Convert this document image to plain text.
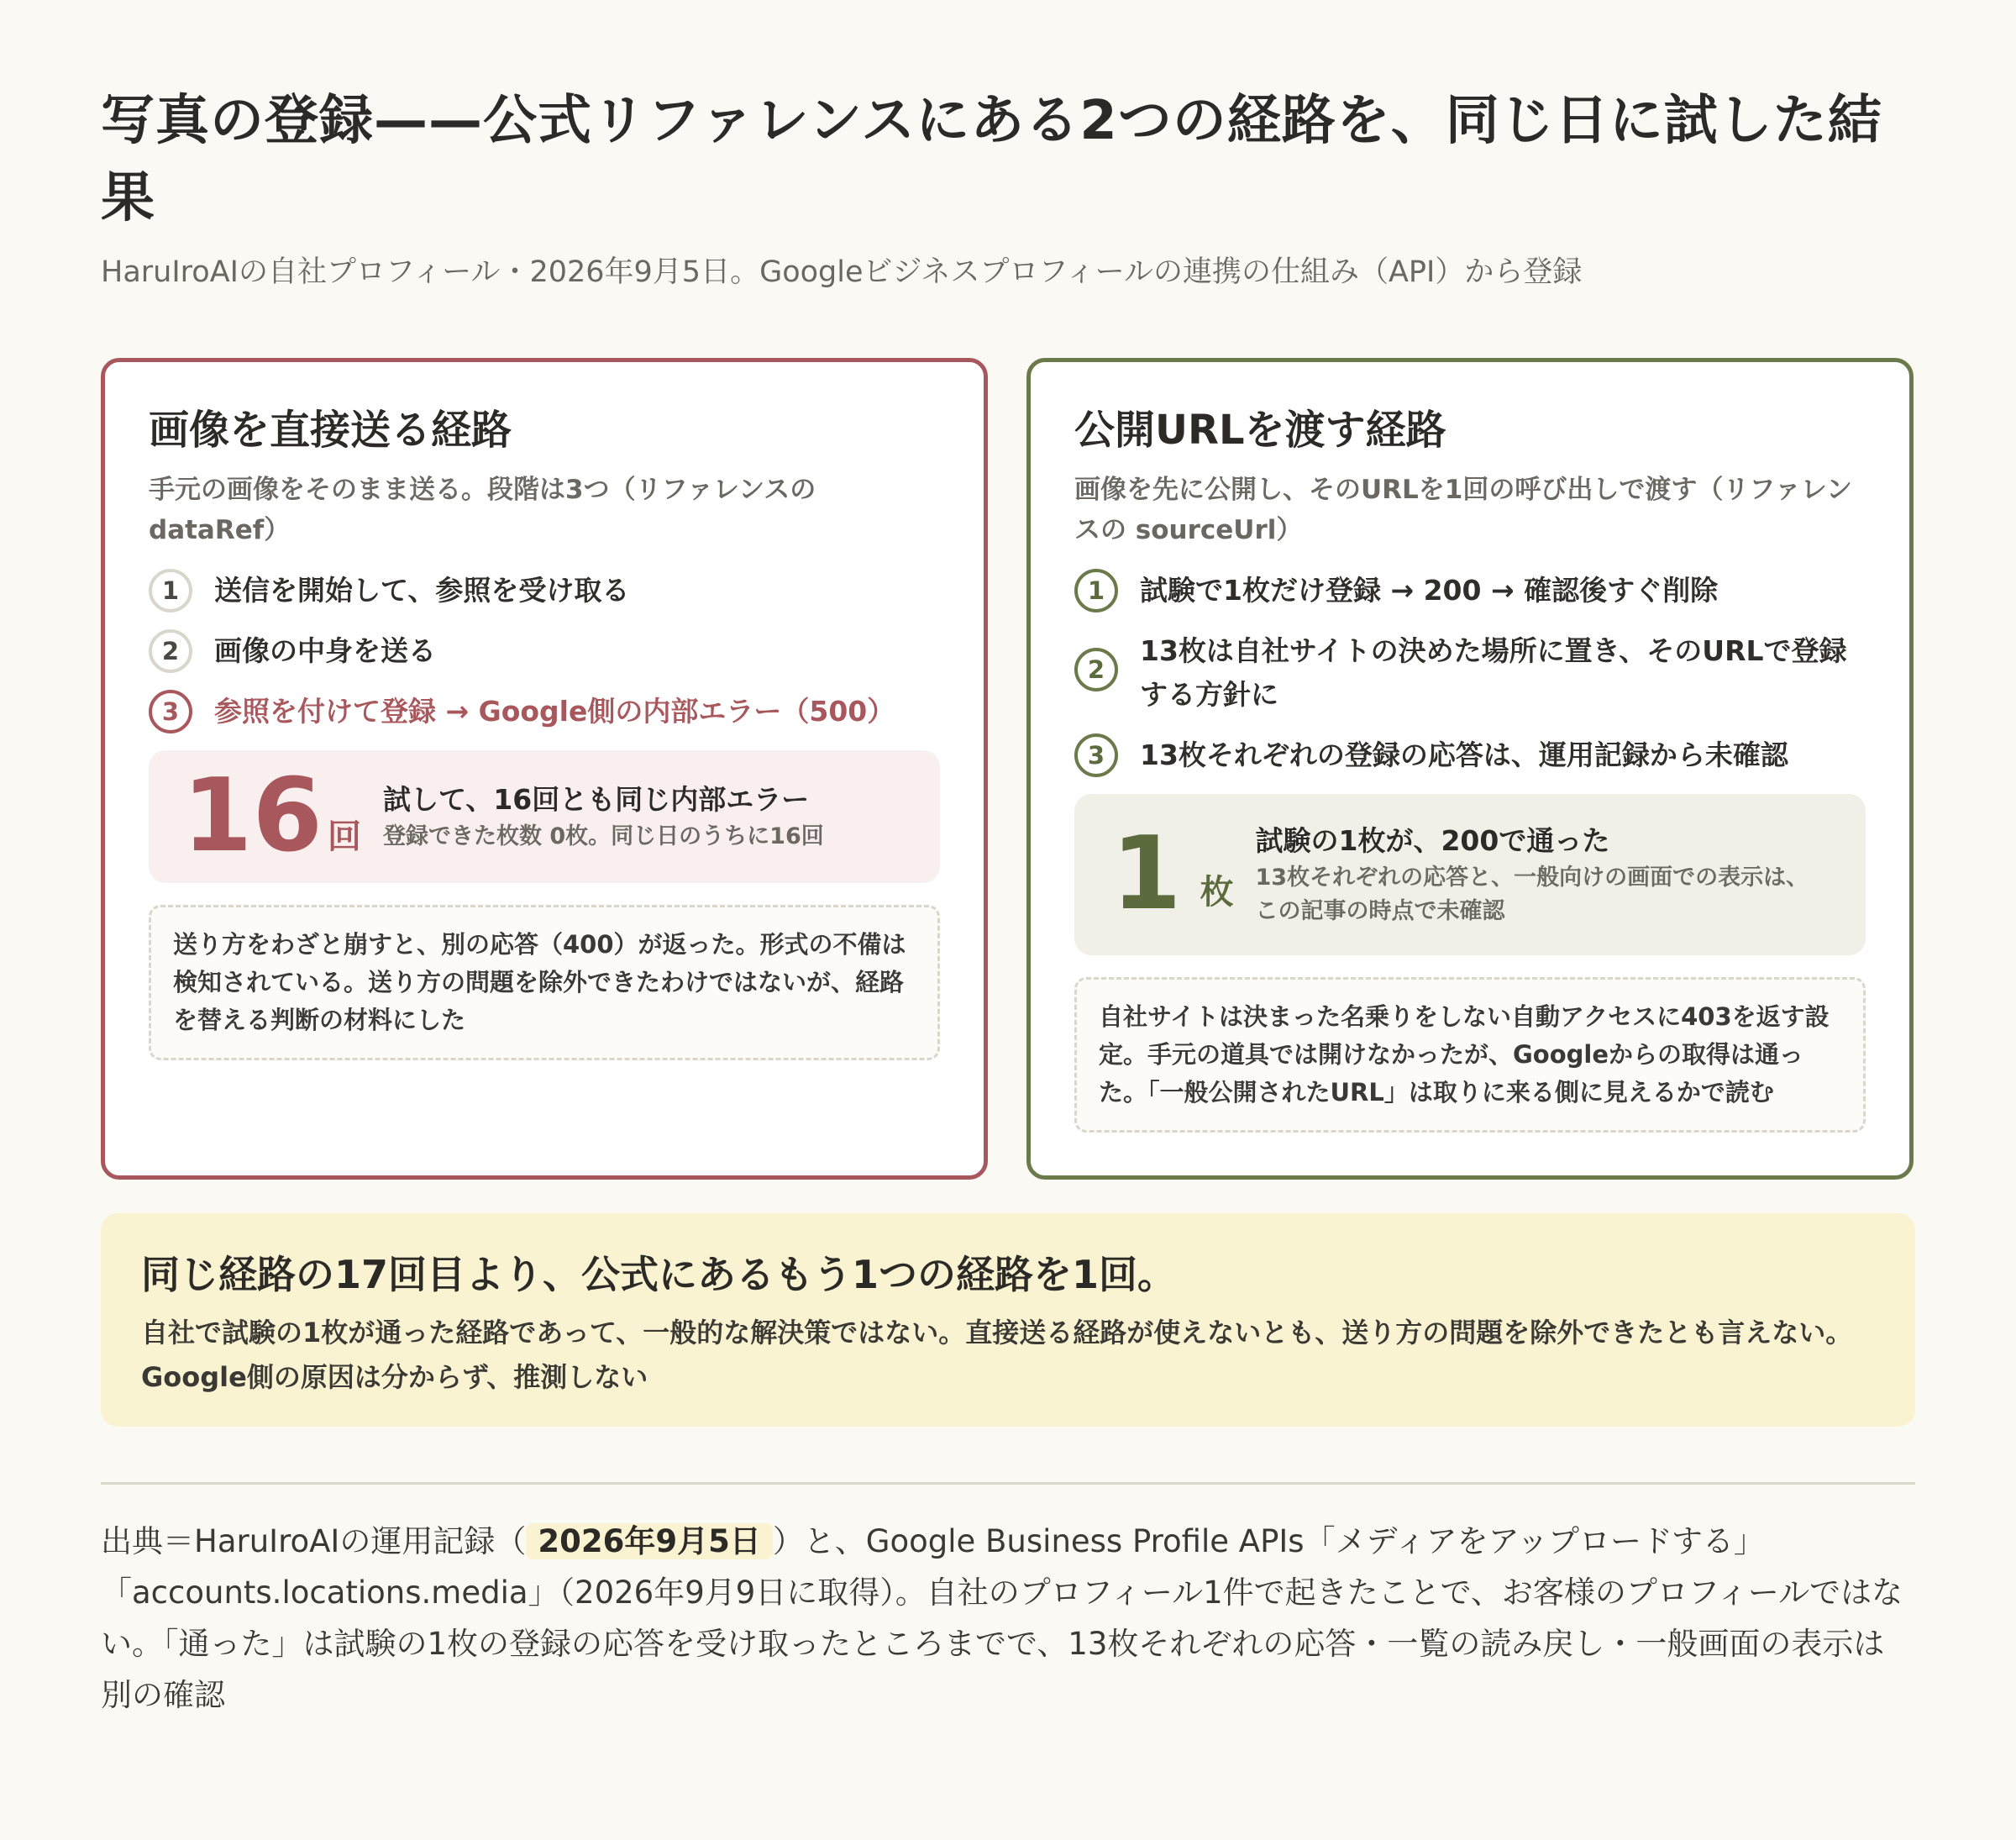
写真の登録——公式リファレンスにある2つの経路を、同じ日に試した結果
HaruIroAIの自社プロフィール・2026年9月5日。Googleビジネスプロフィールの連携の仕組み（API）から登録
画像を直接送る経路
手元の画像をそのまま送る。段階は3つ（リファレンスの dataRef）
1	送信を開始して、参照を受け取る
2	画像の中身を送る
3	参照を付けて登録 → Google側の内部エラー（500）
16 回
試して、16回とも同じ内部エラー
登録できた枚数 0枚。同じ日のうちに16回
送り方をわざと崩すと、別の応答（400）が返った。形式の不備は検知されている。送り方の問題を除外できたわけではないが、経路を替える判断の材料にした
公開URLを渡す経路
画像を先に公開し、そのURLを1回の呼び出しで渡す（リファレンスの sourceUrl）
1	試験で1枚だけ登録 → 200 → 確認後すぐ削除
2
13枚は自社サイトの決めた場所に置き、そのURLで登録する方針に
3	13枚それぞれの登録の応答は、運用記録から未確認
1 枚
試験の1枚が、200で通った
13枚それぞれの応答と、一般向けの画面での表示は、この記事の時点で未確認
自社サイトは決まった名乗りをしない自動アクセスに403を返す設定。手元の道具では開けなかったが、Googleからの取得は通った。「一般公開されたURL」は取りに来る側に見えるかで読む
同じ経路の17回目より、公式にあるもう1つの経路を1回。
自社で試験の1枚が通った経路であって、一般的な解決策ではない。直接送る経路が使えないとも、送り方の問題を除外できたとも言えない。Google側の原因は分からず、推測しない
出典＝HaruIroAIの運用記録（ 2026年9月5日 ）と、Google Business Profile APIs「メディアをアップロードする」「accounts.locations.media」（2026年9月9日に取得）。自社のプロフィール1件で起きたことで、お客様のプロフィールではない。「通った」は試験の1枚の登録の応答を受け取ったところまでで、13枚それぞれの応答・一覧の読み戻し・一般画面の表示は別の確認
